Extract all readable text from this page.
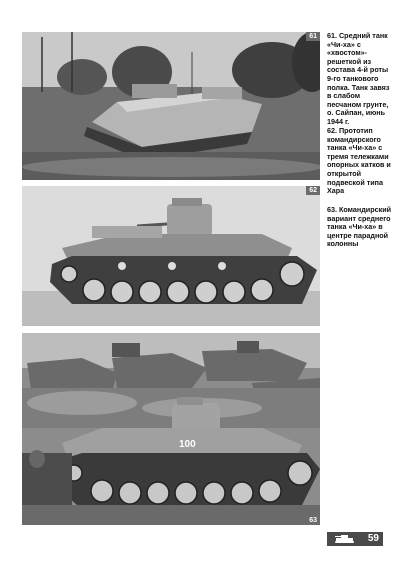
61	61. Средний танк «Чи-ха» с «хвостом»-решеткой из состава 4-й роты 9-го танкового полка. Танк завяз в слабом песчаном грунте, о. Сайпан, июнь 1944 г.
62
62. Прототип командирского танка «Чи-ха» с тремя тележками опорных катков и открытой подвеской типа Хара
63. Командирский вариант среднего танка «Чи-ха» в центре парадной колонны
100
63
59
